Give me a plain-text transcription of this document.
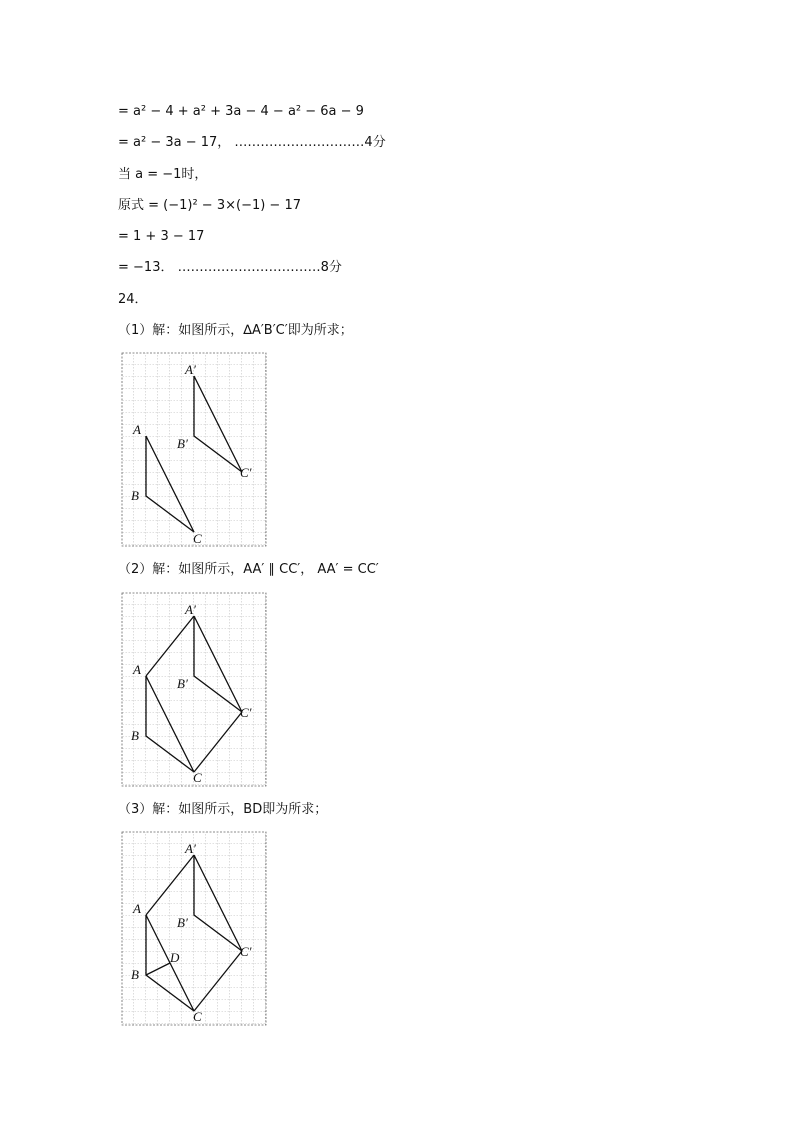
= a² − 4 + a² + 3a − 4 − a² − 6a − 9
= a² − 3a − 17， …………………………4分
当 a = −1时，
原式 = (−1)² − 3×(−1) − 17
= 1 + 3 − 17
= −13． ……………………………8分
24．
（1）解：如图所示，∆A′B′C′即为所求；
A
B
C
A′
B′
C′
（2）解：如图所示，AA′ ∥ CC′， AA′ = CC′
A
B
C
A′
B′
C′
（3）解：如图所示，BD即为所求；
A
B
C
D
A′
B′
C′
